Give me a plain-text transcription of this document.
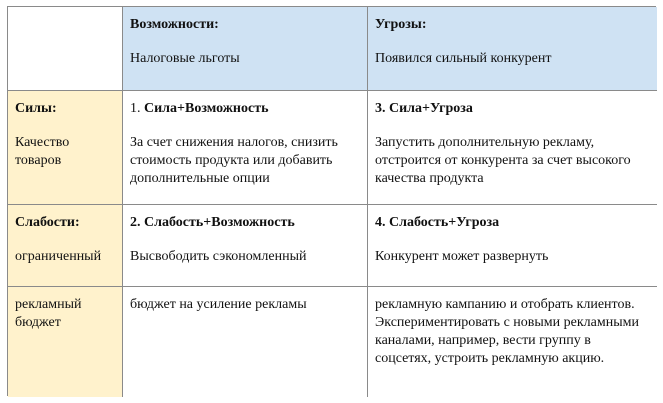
Возможности:
Налоговые льготы
Угрозы:
Появился сильный конкурент
Силы:
Качество товаров
1. Сила+Возможность
За счет снижения налогов, снизить стоимость продукта или добавить дополнительные опции
3. Сила+Угроза
Запустить дополнительную рекламу, отстроится от конкурента за счет высокого качества продукта
Слабости:
ограниченный
2. Слабость+Возможность
Высвободить сэкономленный
4. Слабость+Угроза
Конкурент может развернуть
рекламный бюджет
бюджет на усиление рекламы	рекламную кампанию и отобрать клиентов. Экспериментировать с новыми рекламными каналами, например, вести группу в соцсетях, устроить рекламную акцию.
